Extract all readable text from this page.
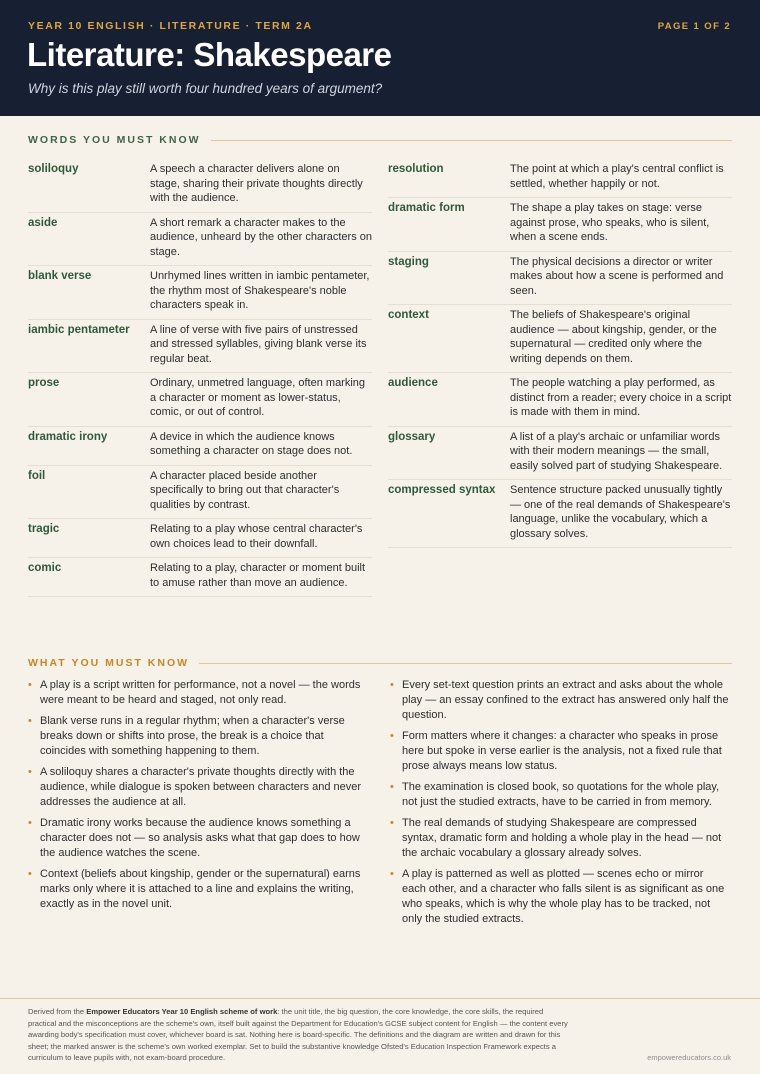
YEAR 10 ENGLISH · LITERATURE · TERM 2A	PAGE 1 OF 2
Literature: Shakespeare
Why is this play still worth four hundred years of argument?
WORDS YOU MUST KNOW
soliloquy	A speech a character delivers alone on stage, sharing their private thoughts directly with the audience.
aside	A short remark a character makes to the audience, unheard by the other characters on stage.
blank verse	Unrhymed lines written in iambic pentameter, the rhythm most of Shakespeare's noble characters speak in.
iambic pentameter	A line of verse with five pairs of unstressed and stressed syllables, giving blank verse its regular beat.
prose	Ordinary, unmetred language, often marking a character or moment as lower-status, comic, or out of control.
dramatic irony	A device in which the audience knows something a character on stage does not.
foil	A character placed beside another specifically to bring out that character's qualities by contrast.
tragic	Relating to a play whose central character's own choices lead to their downfall.
comic	Relating to a play, character or moment built to amuse rather than move an audience.
resolution	The point at which a play's central conflict is settled, whether happily or not.
dramatic form	The shape a play takes on stage: verse against prose, who speaks, who is silent, when a scene ends.
staging	The physical decisions a director or writer makes about how a scene is performed and seen.
context	The beliefs of Shakespeare's original audience — about kingship, gender, or the supernatural — credited only where the writing depends on them.
audience	The people watching a play performed, as distinct from a reader; every choice in a script is made with them in mind.
glossary	A list of a play's archaic or unfamiliar words with their modern meanings — the small, easily solved part of studying Shakespeare.
compressed syntax	Sentence structure packed unusually tightly — one of the real demands of Shakespeare's language, unlike the vocabulary, which a glossary solves.
WHAT YOU MUST KNOW
• A play is a script written for performance, not a novel — the words were meant to be heard and staged, not only read.
• Blank verse runs in a regular rhythm; when a character's verse breaks down or shifts into prose, the break is a choice that coincides with something happening to them.
• A soliloquy shares a character's private thoughts directly with the audience, while dialogue is spoken between characters and never addresses the audience at all.
• Dramatic irony works because the audience knows something a character does not — so analysis asks what that gap does to how the audience watches the scene.
• Context (beliefs about kingship, gender or the supernatural) earns marks only where it is attached to a line and explains the writing, exactly as in the novel unit.
• Every set-text question prints an extract and asks about the whole play — an essay confined to the extract has answered only half the question.
• Form matters where it changes: a character who speaks in prose here but spoke in verse earlier is the analysis, not a fixed rule that prose always means low status.
• The examination is closed book, so quotations for the whole play, not just the studied extracts, have to be carried in from memory.
• The real demands of studying Shakespeare are compressed syntax, dramatic form and holding a whole play in the head — not the archaic vocabulary a glossary already solves.
• A play is patterned as well as plotted — scenes echo or mirror each other, and a character who falls silent is as significant as one who speaks, which is why the whole play has to be tracked, not only the studied extracts.
Derived from the Empower Educators Year 10 English scheme of work: the unit title, the big question, the core knowledge, the core skills, the required practical and the misconceptions are the scheme's own, itself built against the Department for Education's GCSE subject content for English — the content every awarding body's specification must cover, whichever board is sat. Nothing here is board-specific. The definitions and the diagram are written and drawn for this sheet; the marked answer is the scheme's own worked exemplar. Set to build the substantive knowledge Ofsted's Education Inspection Framework expects a curriculum to leave pupils with, not exam-board procedure.	empowereducators.co.uk
